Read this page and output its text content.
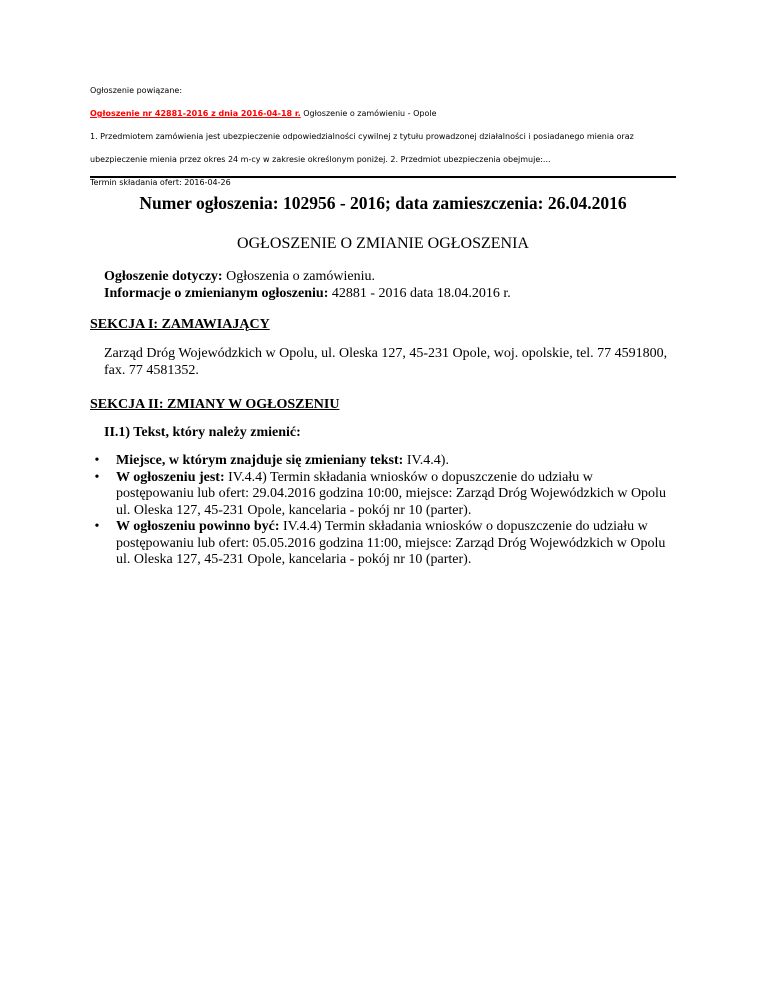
Ogłoszenie powiązane:
Ogłoszenie nr 42881-2016 z dnia 2016-04-18 r. Ogłoszenie o zamówieniu - Opole
1. Przedmiotem zamówienia jest ubezpieczenie odpowiedzialności cywilnej z tytułu prowadzonej działalności i posiadanego mienia oraz
ubezpieczenie mienia przez okres 24 m-cy w zakresie określonym poniżej. 2. Przedmiot ubezpieczenia obejmuje:...
Termin składania ofert: 2016-04-26
Numer ogłoszenia: 102956 - 2016; data zamieszczenia: 26.04.2016
OGŁOSZENIE O ZMIANIE OGŁOSZENIA
Ogłoszenie dotyczy: Ogłoszenia o zamówieniu.
Informacje o zmienianym ogłoszeniu: 42881 - 2016 data 18.04.2016 r.
SEKCJA I: ZAMAWIAJĄCY
Zarząd Dróg Wojewódzkich w Opolu, ul. Oleska 127, 45-231 Opole, woj. opolskie, tel. 77 4591800, fax. 77 4581352.
SEKCJA II: ZMIANY W OGŁOSZENIU
II.1) Tekst, który należy zmienić:
•	Miejsce, w którym znajduje się zmieniany tekst: IV.4.4).
•	W ogłoszeniu jest: IV.4.4) Termin składania wniosków o dopuszczenie do udziału w postępowaniu lub ofert: 29.04.2016 godzina 10:00, miejsce: Zarząd Dróg Wojewódzkich w Opolu ul. Oleska 127, 45-231 Opole, kancelaria - pokój nr 10 (parter).
•	W ogłoszeniu powinno być: IV.4.4) Termin składania wniosków o dopuszczenie do udziału w postępowaniu lub ofert: 05.05.2016 godzina 11:00, miejsce: Zarząd Dróg Wojewódzkich w Opolu ul. Oleska 127, 45-231 Opole, kancelaria - pokój nr 10 (parter).
